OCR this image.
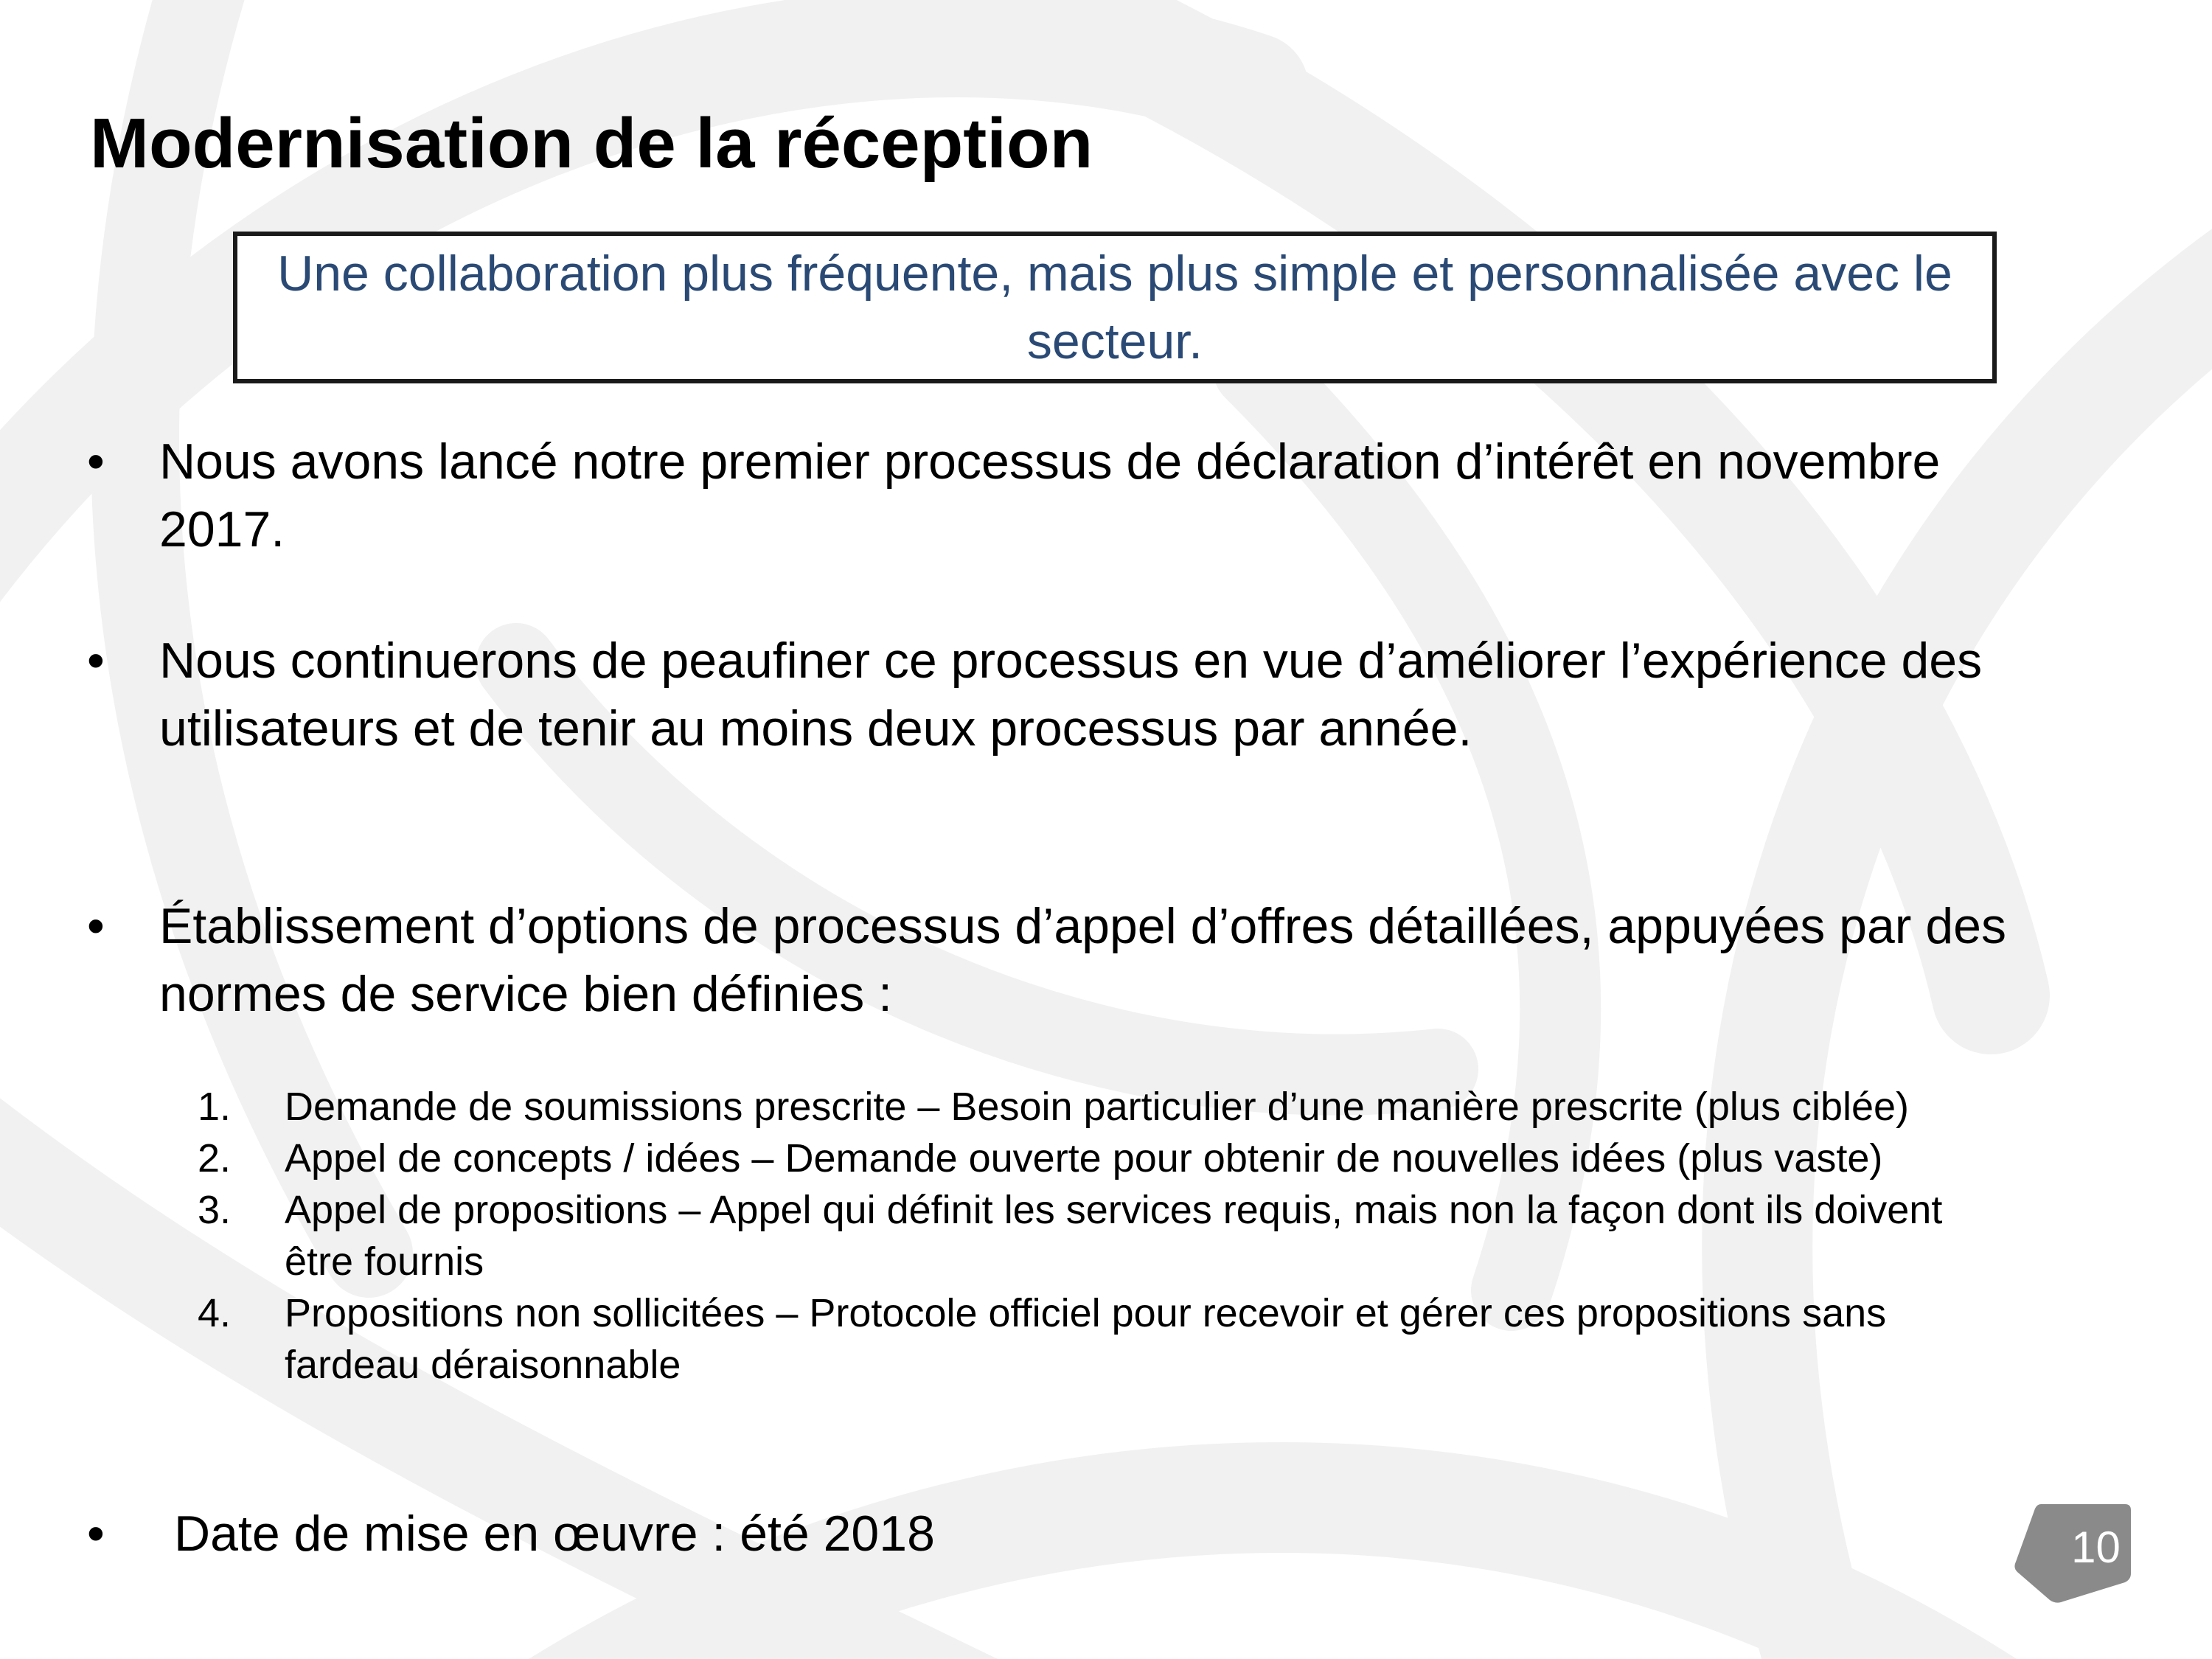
Modernisation de la réception
Une collaboration plus fréquente, mais plus simple et personnalisée avec le secteur.
•	Nous avons lancé notre premier processus de déclaration d’intérêt en novembre 2017.
•	Nous continuerons de peaufiner ce processus en vue d’améliorer l’expérience des utilisateurs et de tenir au moins deux processus par année.
•	Établissement d’options de processus d’appel d’offres détaillées, appuyées par des normes de service bien définies :
1. Demande de soumissions prescrite – Besoin particulier d’une manière prescrite (plus ciblée)
2. Appel de concepts / idées – Demande ouverte pour obtenir de nouvelles idées (plus vaste)
3. Appel de propositions – Appel qui définit les services requis, mais non la façon dont ils doivent être fournis
4. Propositions non sollicitées – Protocole officiel pour recevoir et gérer ces propositions sans fardeau déraisonnable
•	Date de mise en œuvre : été 2018	10
